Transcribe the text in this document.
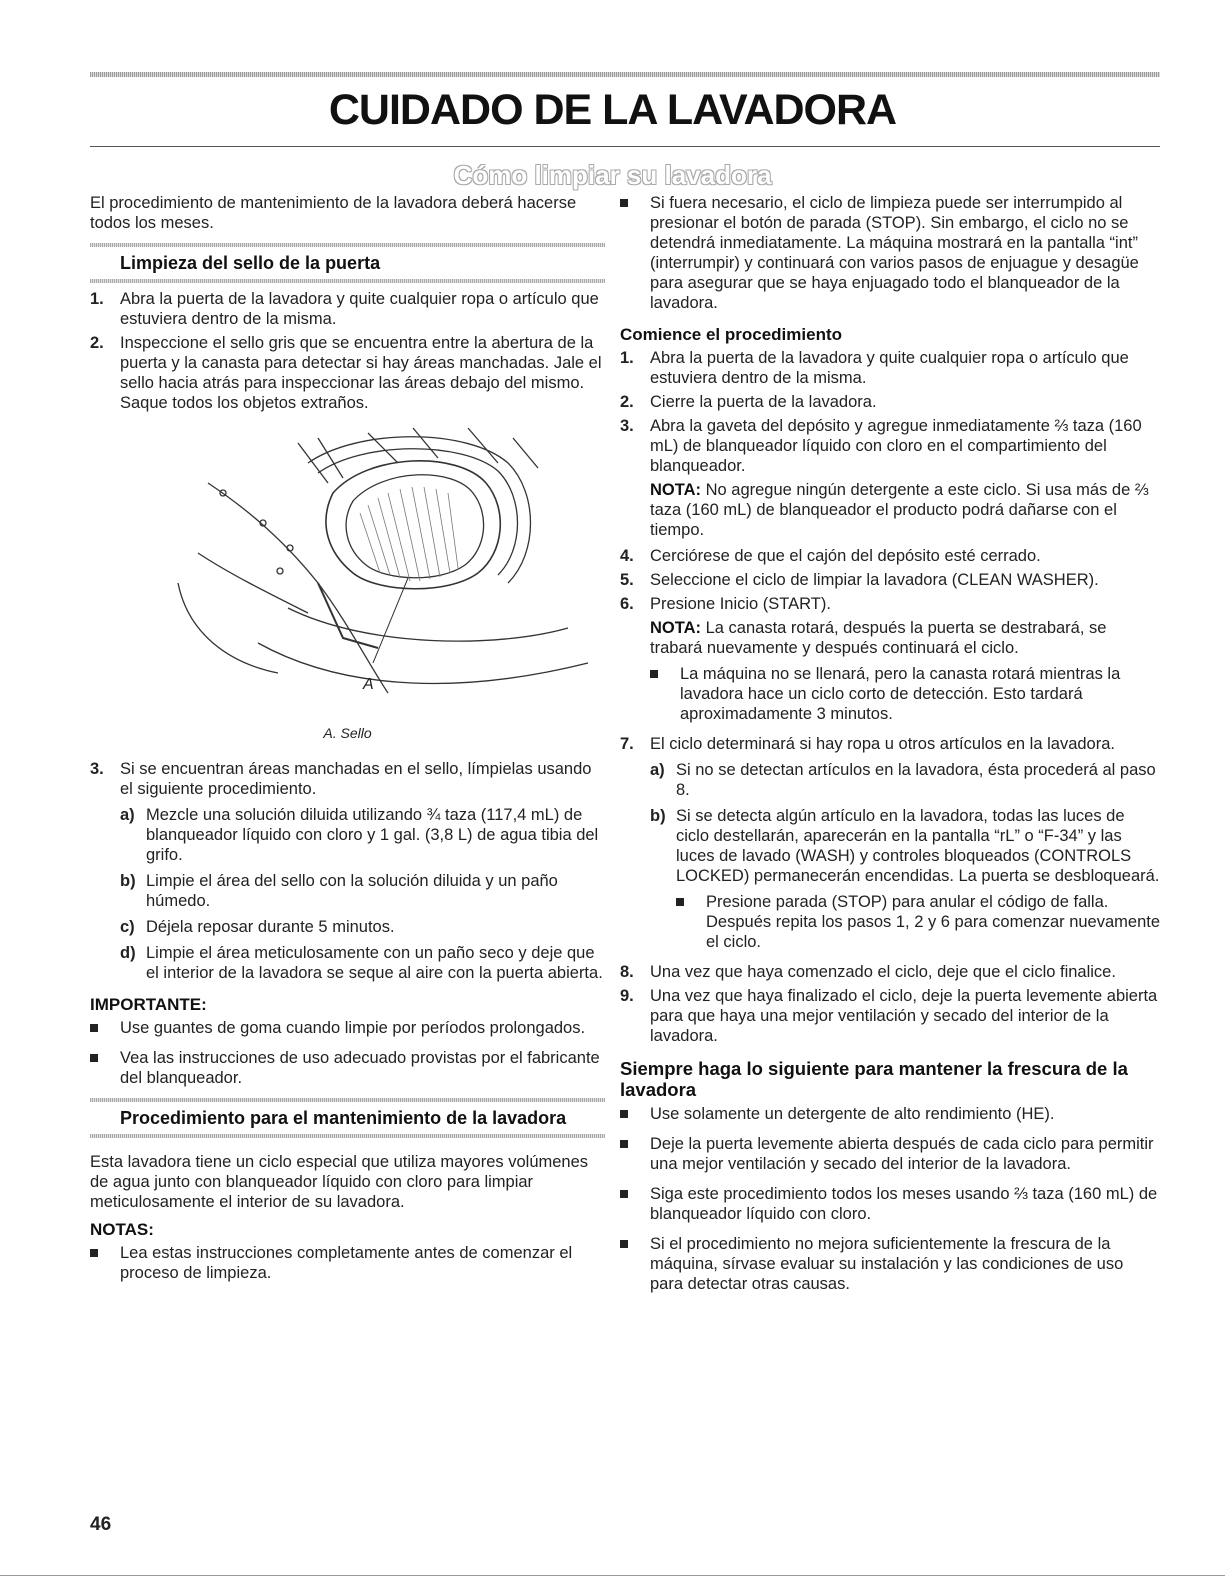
CUIDADO DE LA LAVADORA
Cómo limpiar su lavadora

El procedimiento de mantenimiento de la lavadora deberá hacerse todos los meses.

Limpieza del sello de la puerta
1. Abra la puerta de la lavadora y quite cualquier ropa o artículo que estuviera dentro de la misma.
2. Inspeccione el sello gris que se encuentra entre la abertura de la puerta y la canasta para detectar si hay áreas manchadas. Jale el sello hacia atrás para inspeccionar las áreas debajo del mismo. Saque todos los objetos extraños.
A

A. Sello

3. Si se encuentran áreas manchadas en el sello, límpielas usando el siguiente procedimiento.
a) Mezcle una solución diluida utilizando ¾ taza (117,4 mL) de blanqueador líquido con cloro y 1 gal. (3,8 L) de agua tibia del grifo.
b) Limpie el área del sello con la solución diluida y un paño húmedo.
c) Déjela reposar durante 5 minutos.
d) Limpie el área meticulosamente con un paño seco y deje que el interior de la lavadora se seque al aire con la puerta abierta.
IMPORTANTE:
Use guantes de goma cuando limpie por períodos prolongados.
Vea las instrucciones de uso adecuado provistas por el fabricante del blanqueador.
Procedimiento para el mantenimiento de la lavadora

Esta lavadora tiene un ciclo especial que utiliza mayores volúmenes de agua junto con blanqueador líquido con cloro para limpiar meticulosamente el interior de su lavadora.

NOTAS:
Lea estas instrucciones completamente antes de comenzar el proceso de limpieza.
Si fuera necesario, el ciclo de limpieza puede ser interrumpido al presionar el botón de parada (STOP). Sin embargo, el ciclo no se detendrá inmediatamente. La máquina mostrará en la pantalla “int” (interrumpir) y continuará con varios pasos de enjuague y desagüe para asegurar que se haya enjuagado todo el blanqueador de la lavadora.
Comience el procedimiento
1. Abra la puerta de la lavadora y quite cualquier ropa o artículo que estuviera dentro de la misma.
2. Cierre la puerta de la lavadora.
3. Abra la gaveta del depósito y agregue inmediatamente ⅔ taza (160 mL) de blanqueador líquido con cloro en el compartimiento del blanqueador.

NOTA: No agregue ningún detergente a este ciclo. Si usa más de ⅔ taza (160 mL) de blanqueador el producto podrá dañarse con el tiempo.

4. Cerciórese de que el cajón del depósito esté cerrado.
5. Seleccione el ciclo de limpiar la lavadora (CLEAN WASHER).
6. Presione Inicio (START).

NOTA: La canasta rotará, después la puerta se destrabará, se trabará nuevamente y después continuará el ciclo.

La máquina no se llenará, pero la canasta rotará mientras la lavadora hace un ciclo corto de detección. Esto tardará aproximadamente 3 minutos.
7. El ciclo determinará si hay ropa u otros artículos en la lavadora.
a) Si no se detectan artículos en la lavadora, ésta procederá al paso 8.
b) Si se detecta algún artículo en la lavadora, todas las luces de ciclo destellarán, aparecerán en la pantalla “rL” o “F-34” y las luces de lavado (WASH) y controles bloqueados (CONTROLS LOCKED) permanecerán encendidas. La puerta se desbloqueará.
Presione parada (STOP) para anular el código de falla. Después repita los pasos 1, 2 y 6 para comenzar nuevamente el ciclo.
8. Una vez que haya comenzado el ciclo, deje que el ciclo finalice.
9. Una vez que haya finalizado el ciclo, deje la puerta levemente abierta para que haya una mejor ventilación y secado del interior de la lavadora.
Siempre haga lo siguiente para mantener la frescura de la lavadora
Use solamente un detergente de alto rendimiento (HE).
Deje la puerta levemente abierta después de cada ciclo para permitir una mejor ventilación y secado del interior de la lavadora.
Siga este procedimiento todos los meses usando ⅔ taza (160 mL) de blanqueador líquido con cloro.
Si el procedimiento no mejora suficientemente la frescura de la máquina, sírvase evaluar su instalación y las condiciones de uso para detectar otras causas.
46
